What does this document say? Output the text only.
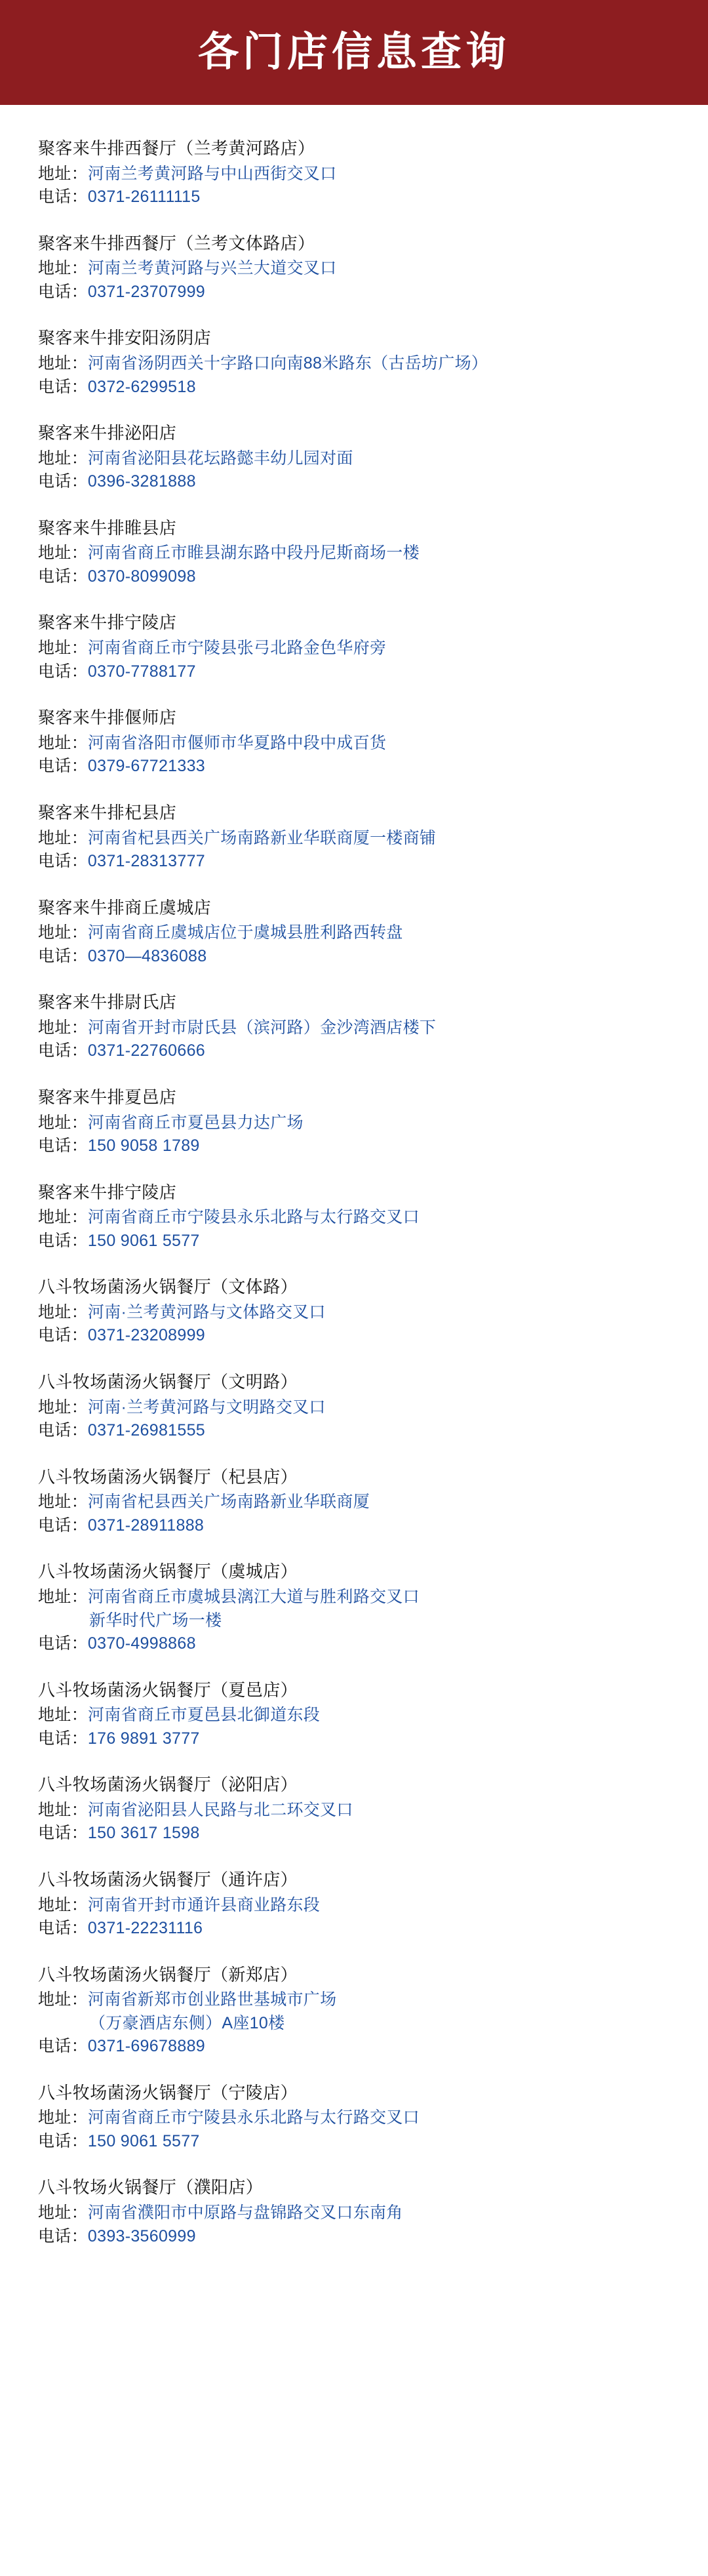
各门店信息查询
聚客来牛排西餐厅（兰考黄河路店）
地址： 河南兰考黄河路与中山西街交叉口
电话： 0371-26111115
聚客来牛排西餐厅（兰考文体路店）
地址： 河南兰考黄河路与兴兰大道交叉口
电话： 0371-23707999
聚客来牛排安阳汤阴店
地址： 河南省汤阴西关十字路口向南88米路东（古岳坊广场）
电话： 0372-6299518
聚客来牛排泌阳店
地址： 河南省泌阳县花坛路懿丰幼儿园对面
电话： 0396-3281888
聚客来牛排睢县店
地址： 河南省商丘市睢县湖东路中段丹尼斯商场一楼
电话： 0370-8099098
聚客来牛排宁陵店
地址： 河南省商丘市宁陵县张弓北路金色华府旁
电话： 0370-7788177
聚客来牛排偃师店
地址： 河南省洛阳市偃师市华夏路中段中成百货
电话： 0379-67721333
聚客来牛排杞县店
地址： 河南省杞县西关广场南路新业华联商厦一楼商铺
电话： 0371-28313777
聚客来牛排商丘虞城店
地址： 河南省商丘虞城店位于虞城县胜利路西转盘
电话： 0370—4836088
聚客来牛排尉氏店
地址： 河南省开封市尉氏县（滨河路）金沙湾酒店楼下
电话： 0371-22760666
聚客来牛排夏邑店
地址： 河南省商丘市夏邑县力达广场
电话： 150 9058 1789
聚客来牛排宁陵店
地址： 河南省商丘市宁陵县永乐北路与太行路交叉口
电话： 150 9061 5577
八斗牧场菌汤火锅餐厅（文体路）
地址： 河南·兰考黄河路与文体路交叉口
电话： 0371-23208999
八斗牧场菌汤火锅餐厅（文明路）
地址： 河南·兰考黄河路与文明路交叉口
电话： 0371-26981555
八斗牧场菌汤火锅餐厅（杞县店）
地址： 河南省杞县西关广场南路新业华联商厦
电话： 0371-28911888
八斗牧场菌汤火锅餐厅（虞城店）
地址： 河南省商丘市虞城县漓江大道与胜利路交叉口
新华时代广场一楼
电话： 0370-4998868
八斗牧场菌汤火锅餐厅（夏邑店）
地址： 河南省商丘市夏邑县北御道东段
电话： 176 9891 3777
八斗牧场菌汤火锅餐厅（泌阳店）
地址： 河南省泌阳县人民路与北二环交叉口
电话： 150 3617 1598
八斗牧场菌汤火锅餐厅（通许店）
地址： 河南省开封市通许县商业路东段
电话： 0371-22231116
八斗牧场菌汤火锅餐厅（新郑店）
地址： 河南省新郑市创业路世基城市广场
（万豪酒店东侧）A座10楼
电话： 0371-69678889
八斗牧场菌汤火锅餐厅（宁陵店）
地址： 河南省商丘市宁陵县永乐北路与太行路交叉口
电话： 150 9061 5577
八斗牧场火锅餐厅（濮阳店）
地址： 河南省濮阳市中原路与盘锦路交叉口东南角
电话： 0393-3560999
